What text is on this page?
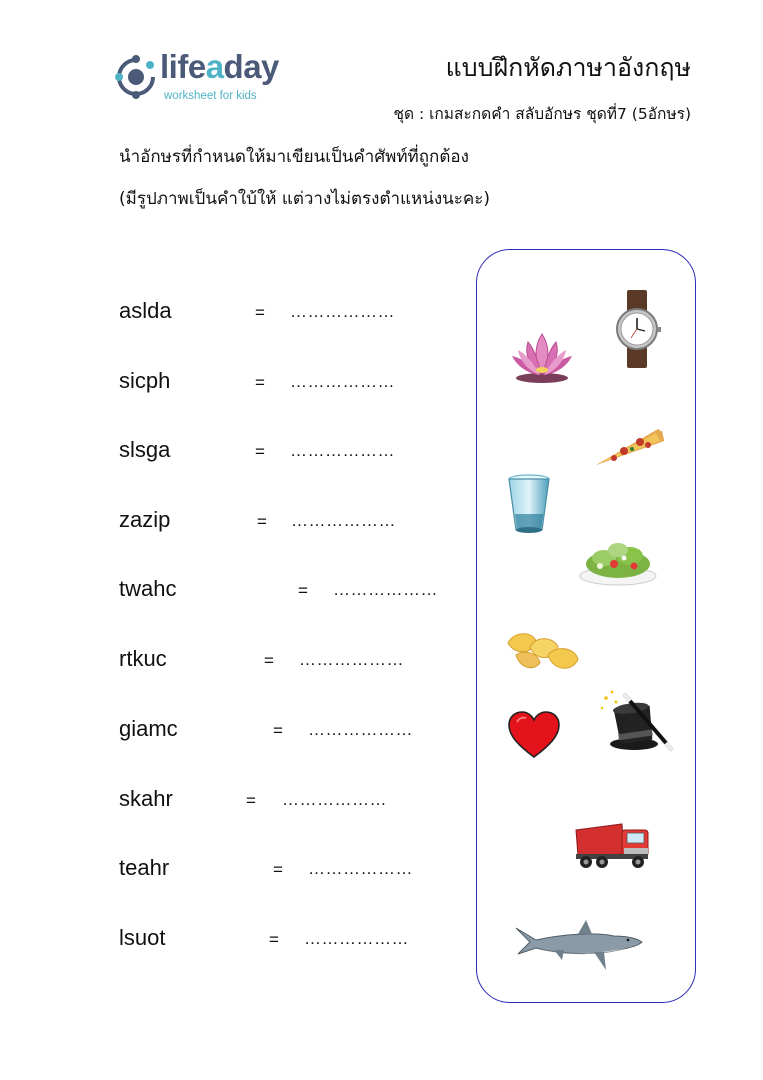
lifeaday
worksheet for kids
แบบฝึกหัดภาษาอังกฤษ
ชุด : เกมสะกดคำ สลับอักษร ชุดที่7 (5อักษร)
นำอักษรที่กำหนดให้มาเขียนเป็นคำศัพท์ที่ถูกต้อง
(มีรูปภาพเป็นคำใบ้ให้ แต่วางไม่ตรงตำแหน่งนะคะ)
aslda	= ………………
sicph	= ………………
slsga	= ………………
zazip	= ………………
twahc	= ………………
rtkuc	= ………………
giamc	= ………………
skahr	= ………………
teahr	= ………………
lsuot	= ………………
